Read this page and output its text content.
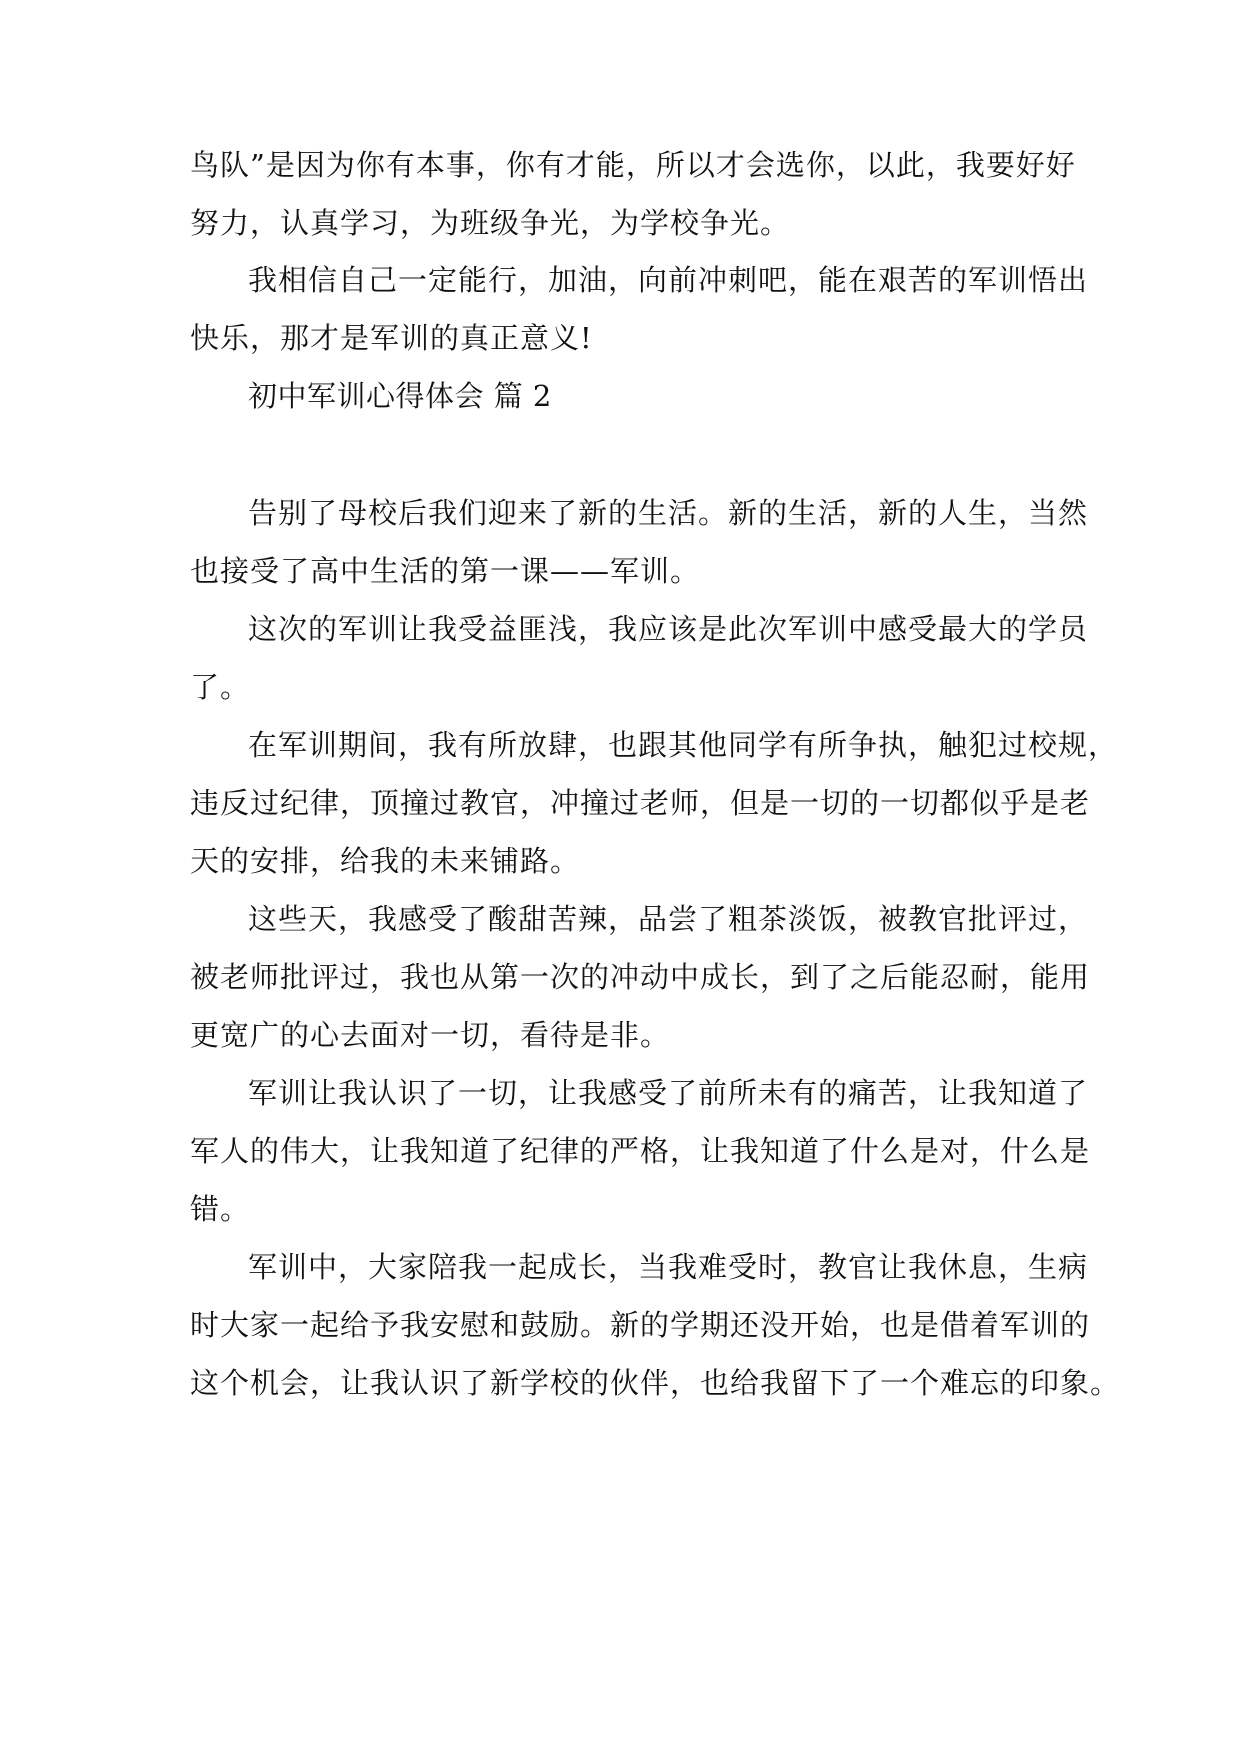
鸟队”是因为你有本事，你有才能，所以才会选你，以此，我要好好
努力，认真学习，为班级争光，为学校争光。
我相信自己一定能行，加油，向前冲刺吧，能在艰苦的军训悟出
快乐，那才是军训的真正意义!
初中军训心得体会 篇 2
告别了母校后我们迎来了新的生活。新的生活，新的人生，当然
也接受了高中生活的第一课——军训。
这次的军训让我受益匪浅，我应该是此次军训中感受最大的学员
了。
在军训期间，我有所放肆，也跟其他同学有所争执，触犯过校规，
违反过纪律，顶撞过教官，冲撞过老师，但是一切的一切都似乎是老
天的安排，给我的未来铺路。
这些天，我感受了酸甜苦辣，品尝了粗茶淡饭，被教官批评过，
被老师批评过，我也从第一次的冲动中成长，到了之后能忍耐，能用
更宽广的心去面对一切，看待是非。
军训让我认识了一切，让我感受了前所未有的痛苦，让我知道了
军人的伟大，让我知道了纪律的严格，让我知道了什么是对，什么是
错。
军训中，大家陪我一起成长，当我难受时，教官让我休息，生病
时大家一起给予我安慰和鼓励。新的学期还没开始，也是借着军训的
这个机会，让我认识了新学校的伙伴，也给我留下了一个难忘的印象。
